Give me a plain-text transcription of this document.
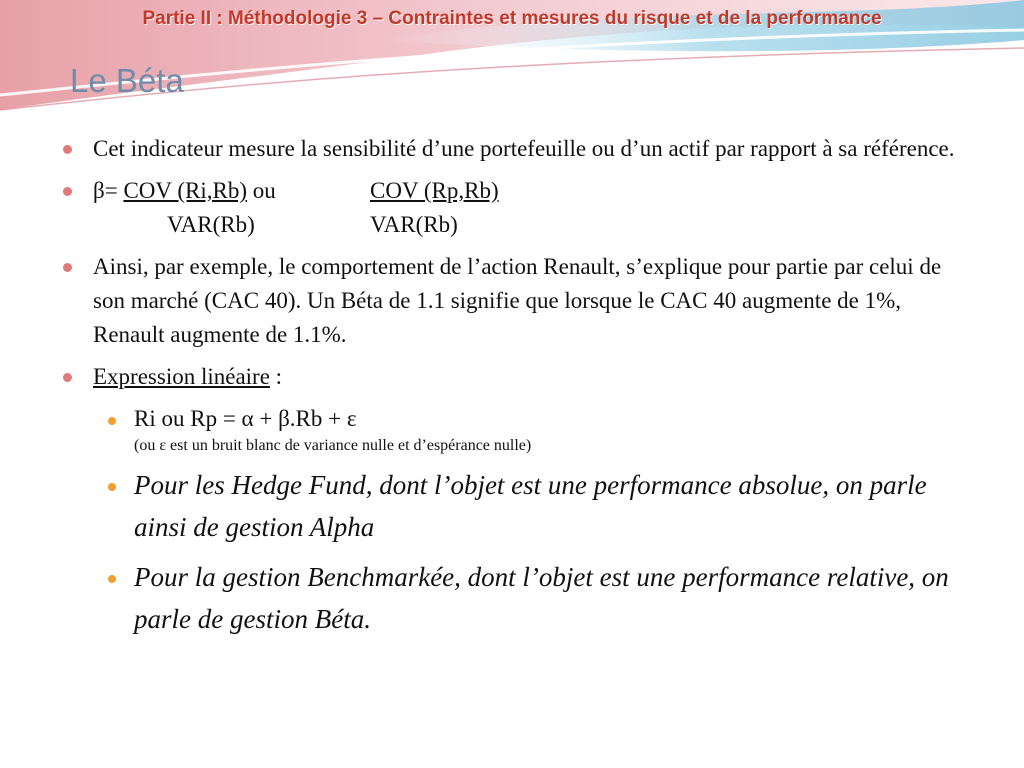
Partie II : Méthodologie 3 – Contraintes et mesures du risque et de la performance
Le Béta
Cet indicateur mesure la sensibilité d’une portefeuille ou d’un actif par rapport à sa référence.
β= COV (Ri,Rb) ou	COV (Rp,Rb)
VAR(Rb)	VAR(Rb)
Ainsi, par exemple, le comportement de l’action Renault, s’explique pour partie par celui de son marché (CAC 40). Un Béta de 1.1 signifie que lorsque le CAC 40 augmente de 1%, Renault augmente de 1.1%.
Expression linéaire :
Ri ou Rp = α + β.Rb + ε
(ou ε est un bruit blanc de variance nulle et d’espérance nulle)
Pour les Hedge Fund, dont l’objet est une performance absolue, on parle ainsi de gestion Alpha
Pour la gestion Benchmarkée, dont l’objet est une performance relative, on parle de gestion Béta.
